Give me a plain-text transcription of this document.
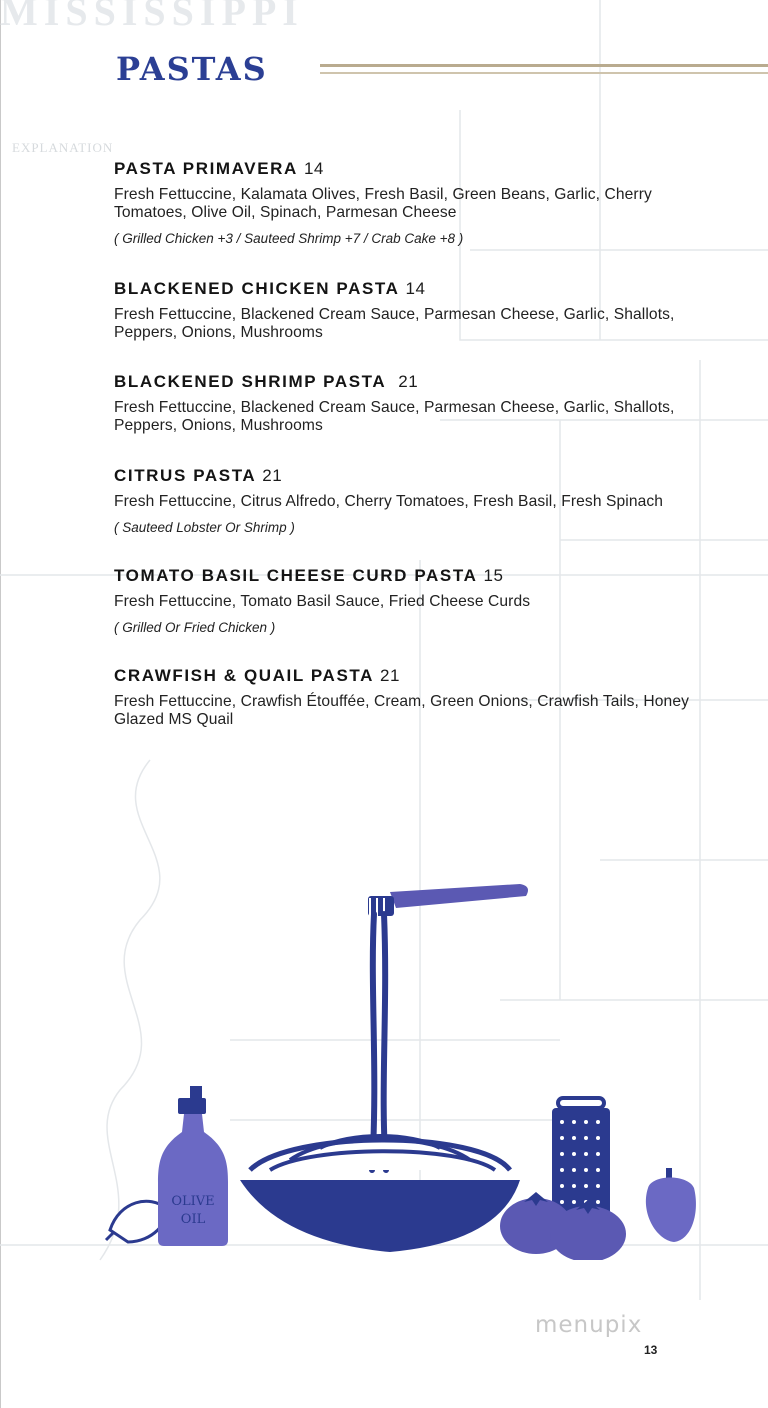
MISSISSIPPI
EXPLANATION
PASTAS
PASTA PRIMAVERA 14
Fresh Fettuccine, Kalamata Olives, Fresh Basil, Green Beans, Garlic, Cherry Tomatoes, Olive Oil, Spinach, Parmesan Cheese
( Grilled Chicken +3 / Sauteed Shrimp +7 / Crab Cake +8 )
BLACKENED CHICKEN PASTA 14
Fresh Fettuccine, Blackened Cream Sauce, Parmesan Cheese, Garlic, Shallots, Peppers, Onions, Mushrooms
BLACKENED SHRIMP PASTA 21
Fresh Fettuccine, Blackened Cream Sauce, Parmesan Cheese, Garlic, Shallots, Peppers, Onions, Mushrooms
CITRUS PASTA 21
Fresh Fettuccine, Citrus Alfredo, Cherry Tomatoes, Fresh Basil, Fresh Spinach
( Sauteed Lobster Or Shrimp )
TOMATO BASIL CHEESE CURD PASTA 15
Fresh Fettuccine, Tomato Basil Sauce, Fried Cheese Curds
( Grilled Or Fried Chicken )
CRAWFISH & QUAIL PASTA 21
Fresh Fettuccine, Crawfish Étouffée, Cream, Green Onions, Crawfish Tails, Honey Glazed MS Quail
OLIVE
OIL
menupix
13
